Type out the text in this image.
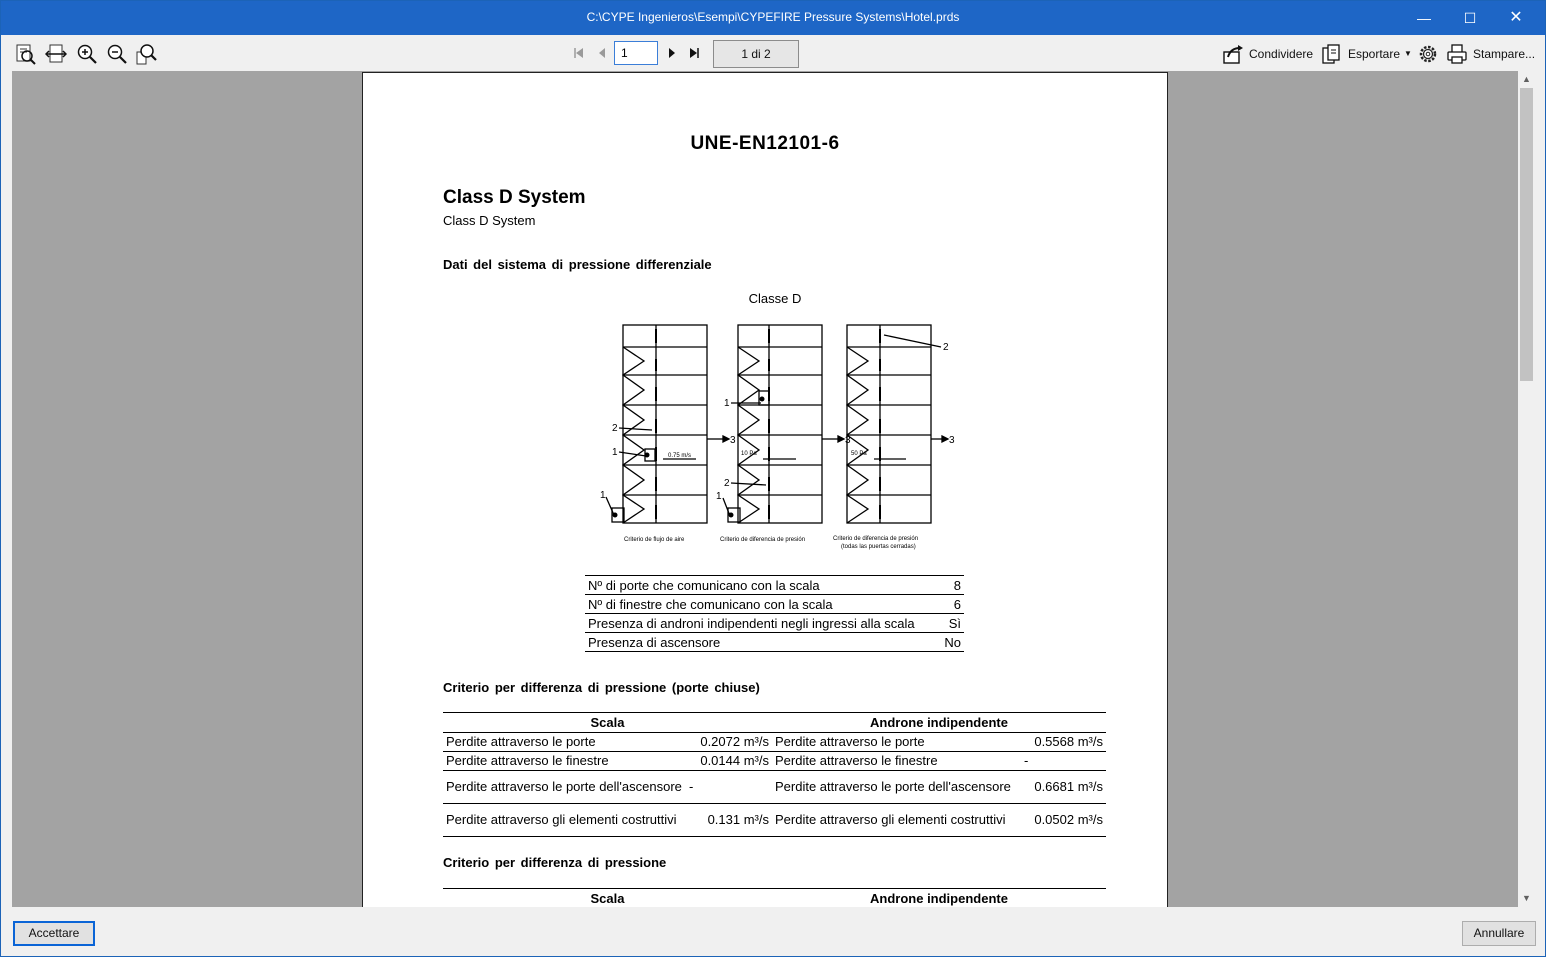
C:\CYPE Ingenieros\Esempi\CYPEFIRE Pressure Systems\Hotel.prds	—	☐	✕
1
1 di 2	Condividere	Esportare ▼	Stampare...
UNE-EN12101-6
Class D System
Class D System
Dati del sistema di pressione differenziale
Classe D
2
1
1
3
1
2
1
3
2
3
0.75 m/s	10 Pa	50 Pa
Criterio de flujo de aire	Criterio de diferencia de presión	Criterio de diferencia de presión
(todas las puertas cerradas)
Nº di porte che comunicano con la scala	8
Nº di finestre che comunicano con la scala	6
Presenza di androni indipendenti negli ingressi alla scala	Sì
Presenza di ascensore	No
Criterio per differenza di pressione (porte chiuse)
Scala		Androne indipendente	
Perdite attraverso le porte	0.2072 m³/s	Perdite attraverso le porte	0.5568 m³/s
Perdite attraverso le finestre	0.0144 m³/s	Perdite attraverso le finestre	-
Perdite attraverso le porte dell'ascensore	-	Perdite attraverso le porte dell'ascensore	0.6681 m³/s
Perdite attraverso gli elementi costruttivi	0.131 m³/s	Perdite attraverso gli elementi costruttivi	0.0502 m³/s
Criterio per differenza di pressione
Scala	Androne indipendente
▲
▼
Accettare	Annullare
